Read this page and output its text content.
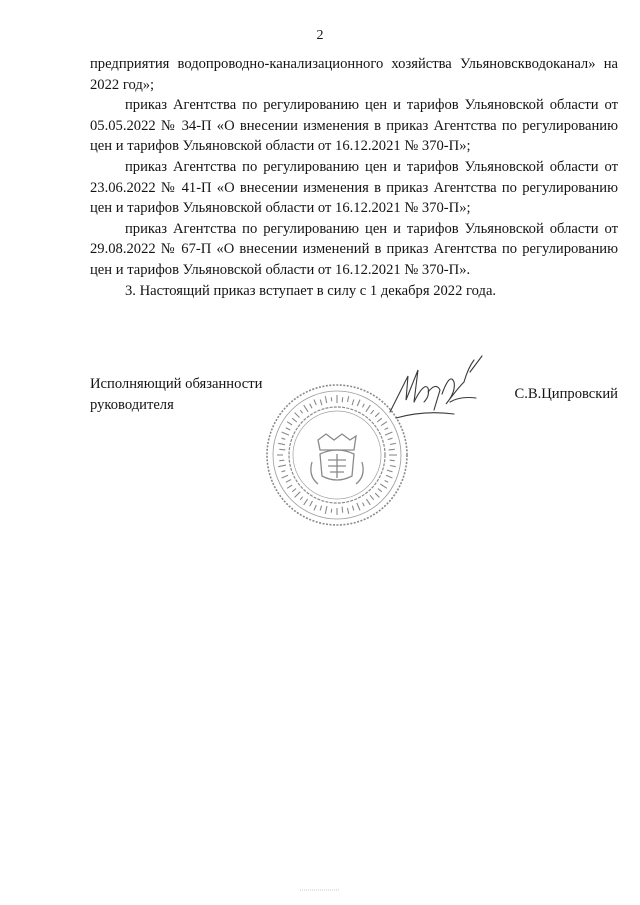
2

предприятия водопроводно-канализационного хозяйства Ульяновскводоканал» на 2022 год»;

приказ Агентства по регулированию цен и тарифов Ульяновской области от 05.05.2022 № 34-П «О внесении изменения в приказ Агентства по регулированию цен и тарифов Ульяновской области от 16.12.2021 № 370-П»;

приказ Агентства по регулированию цен и тарифов Ульяновской области от 23.06.2022 № 41-П «О внесении изменения в приказ Агентства по регулированию цен и тарифов Ульяновской области от 16.12.2021 № 370-П»;

приказ Агентства по регулированию цен и тарифов Ульяновской области от 29.08.2022 № 67-П «О внесении изменений в приказ Агентства по регулированию цен и тарифов Ульяновской области от 16.12.2021 № 370-П».

3. Настоящий приказ вступает в силу с 1 декабря 2022 года.

Исполняющий обязанности
руководителя
С.В.Ципровский
